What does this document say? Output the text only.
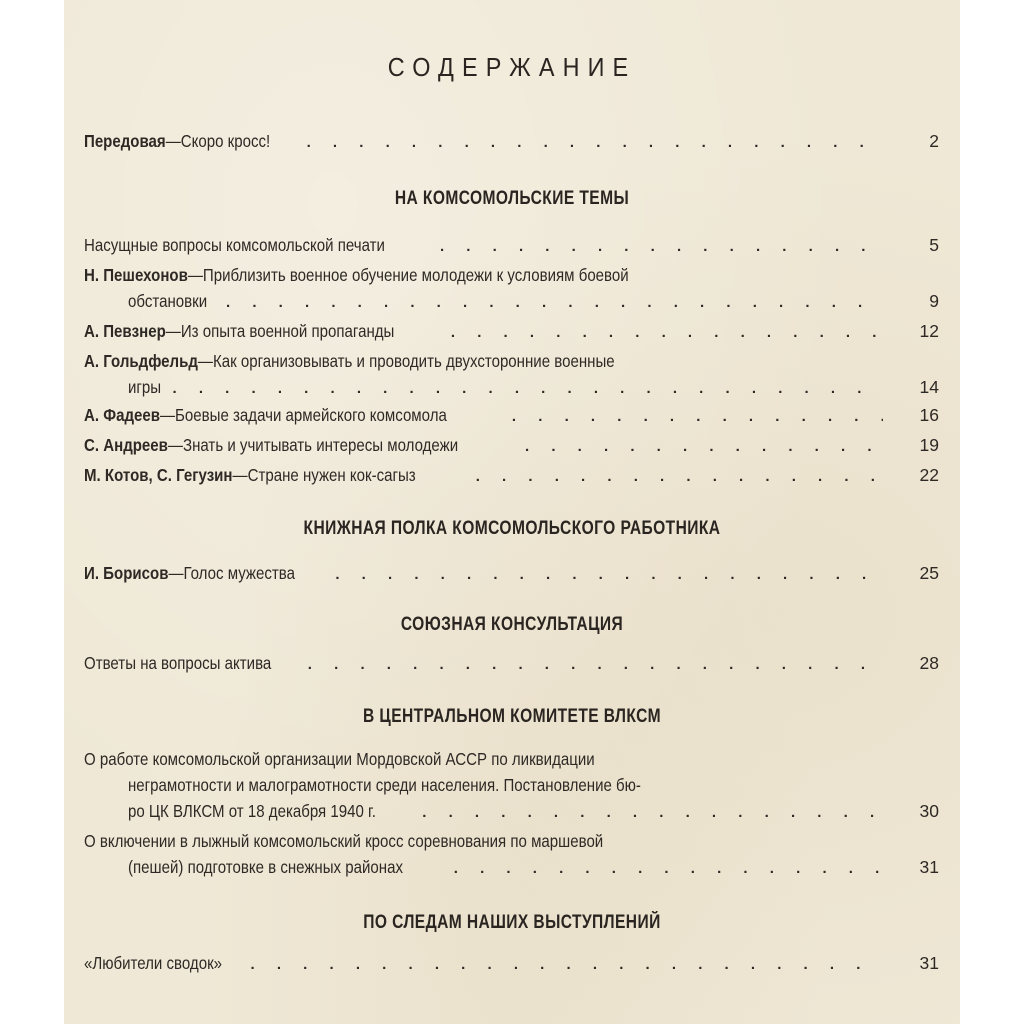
СОДЕРЖАНИЕ
Передовая—Скоро кросс! . . .	2
НА КОМСОМОЛЬСКИЕ ТЕМЫ
Насущные вопросы комсомольской печати . . .	5
Н. Пешехонов—Приблизить военное обучение молодежи к условиям боевой
обстановки . . .	9
А. Певзнер—Из опыта военной пропаганды . . .	12
А. Гольдфельд—Как организовывать и проводить двухсторонние военные
игры . . .	14
А. Фадеев—Боевые задачи армейского комсомола . . .	16
С. Андреев—Знать и учитывать интересы молодежи . . .	19
М. Котов, С. Гегузин—Стране нужен кок-сагыз . . .	22
КНИЖНАЯ ПОЛКА КОМСОМОЛЬСКОГО РАБОТНИКА
И. Борисов—Голос мужества . . .	25
СОЮЗНАЯ КОНСУЛЬТАЦИЯ
Ответы на вопросы актива . . .	28
В ЦЕНТРАЛЬНОМ КОМИТЕТЕ ВЛКСМ
О работе комсомольской организации Мордовской АССР по ликвидации
неграмотности и малограмотности среди населения. Постановление бю-
ро ЦК ВЛКСМ от 18 декабря 1940 г. . . .	30
О включении в лыжный комсомольский кросс соревнования по маршевой
(пешей) подготовке в снежных районах . . .	31
ПО СЛЕДАМ НАШИХ ВЫСТУПЛЕНИЙ
«Любители сводок» . . .	31
